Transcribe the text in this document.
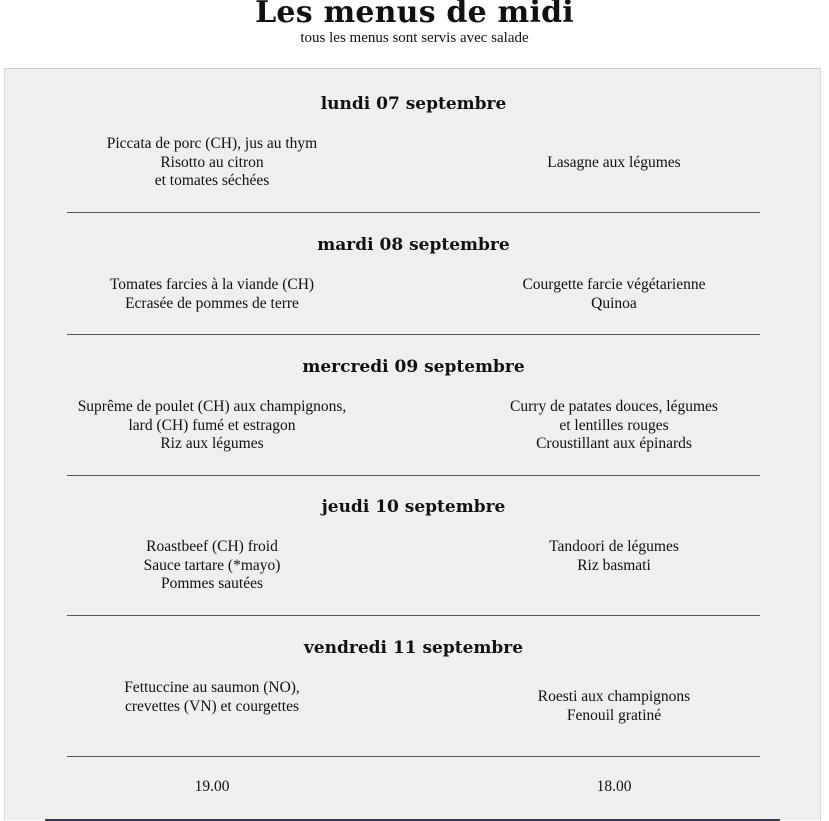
Les menus de midi
tous les menus sont servis avec salade
lundi 07 septembre
Piccata de porc (CH), jus au thym
Risotto au citron
et tomates séchées
Lasagne aux légumes
mardi 08 septembre
Tomates farcies à la viande (CH)
Ecrasée de pommes de terre
Courgette farcie végétarienne
Quinoa
mercredi 09 septembre
Suprême de poulet (CH) aux champignons,
lard (CH) fumé et estragon
Riz aux légumes
Curry de patates douces, légumes
et lentilles rouges
Croustillant aux épinards
jeudi 10 septembre
Roastbeef (CH) froid
Sauce tartare (*mayo)
Pommes sautées
Tandoori de légumes
Riz basmati
vendredi 11 septembre
Fettuccine au saumon (NO),
crevettes (VN) et courgettes
Roesti aux champignons
Fenouil gratiné
19.00	18.00
